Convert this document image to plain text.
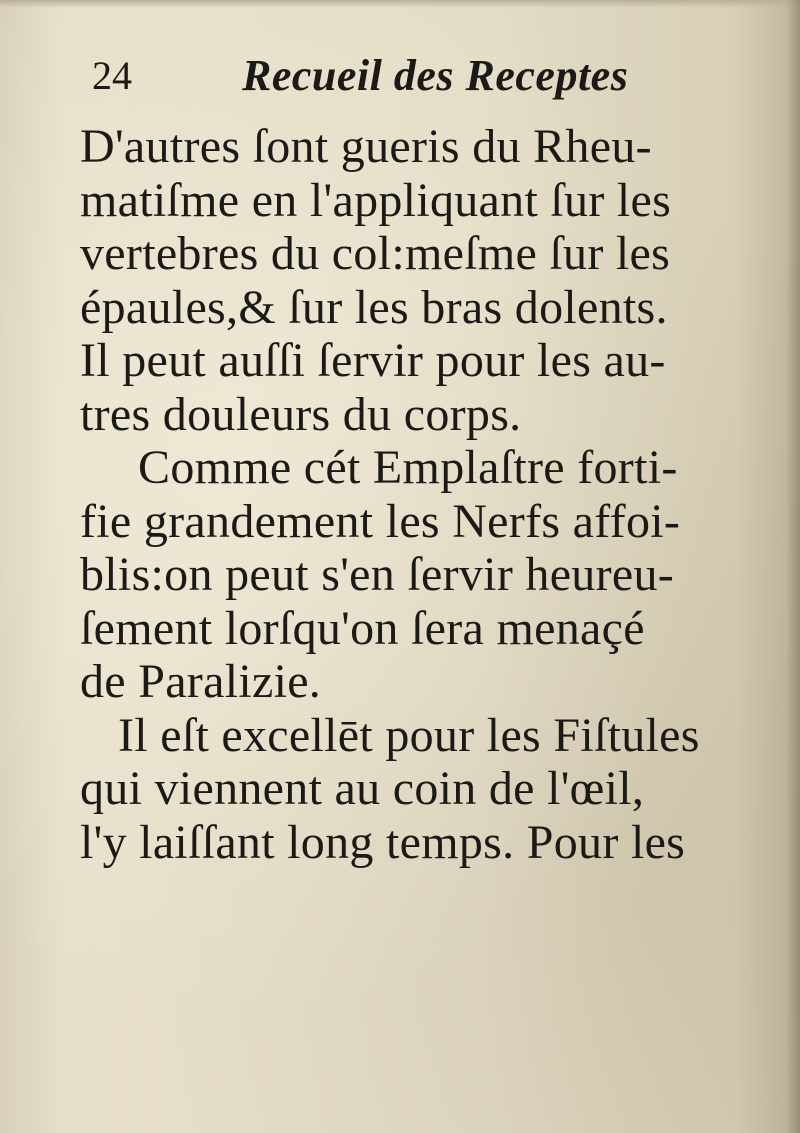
24	Recueil des Receptes
D'autres ſont gueris du Rheu-
matiſme en l'appliquant ſur les
vertebres du col:meſme ſur les
épaules,& ſur les bras dolents.
Il peut auſſi ſervir pour les au-
tres douleurs du corps.
Comme cét Emplaſtre forti-
fie grandement les Nerfs affoi-
blis:on peut s'en ſervir heureu-
ſement lorſqu'on ſera menaçé
de Paralizie.
Il eſt excellēt pour les Fiſtules
qui viennent au coin de l'œil,
l'y laiſſant long temps. Pour les
